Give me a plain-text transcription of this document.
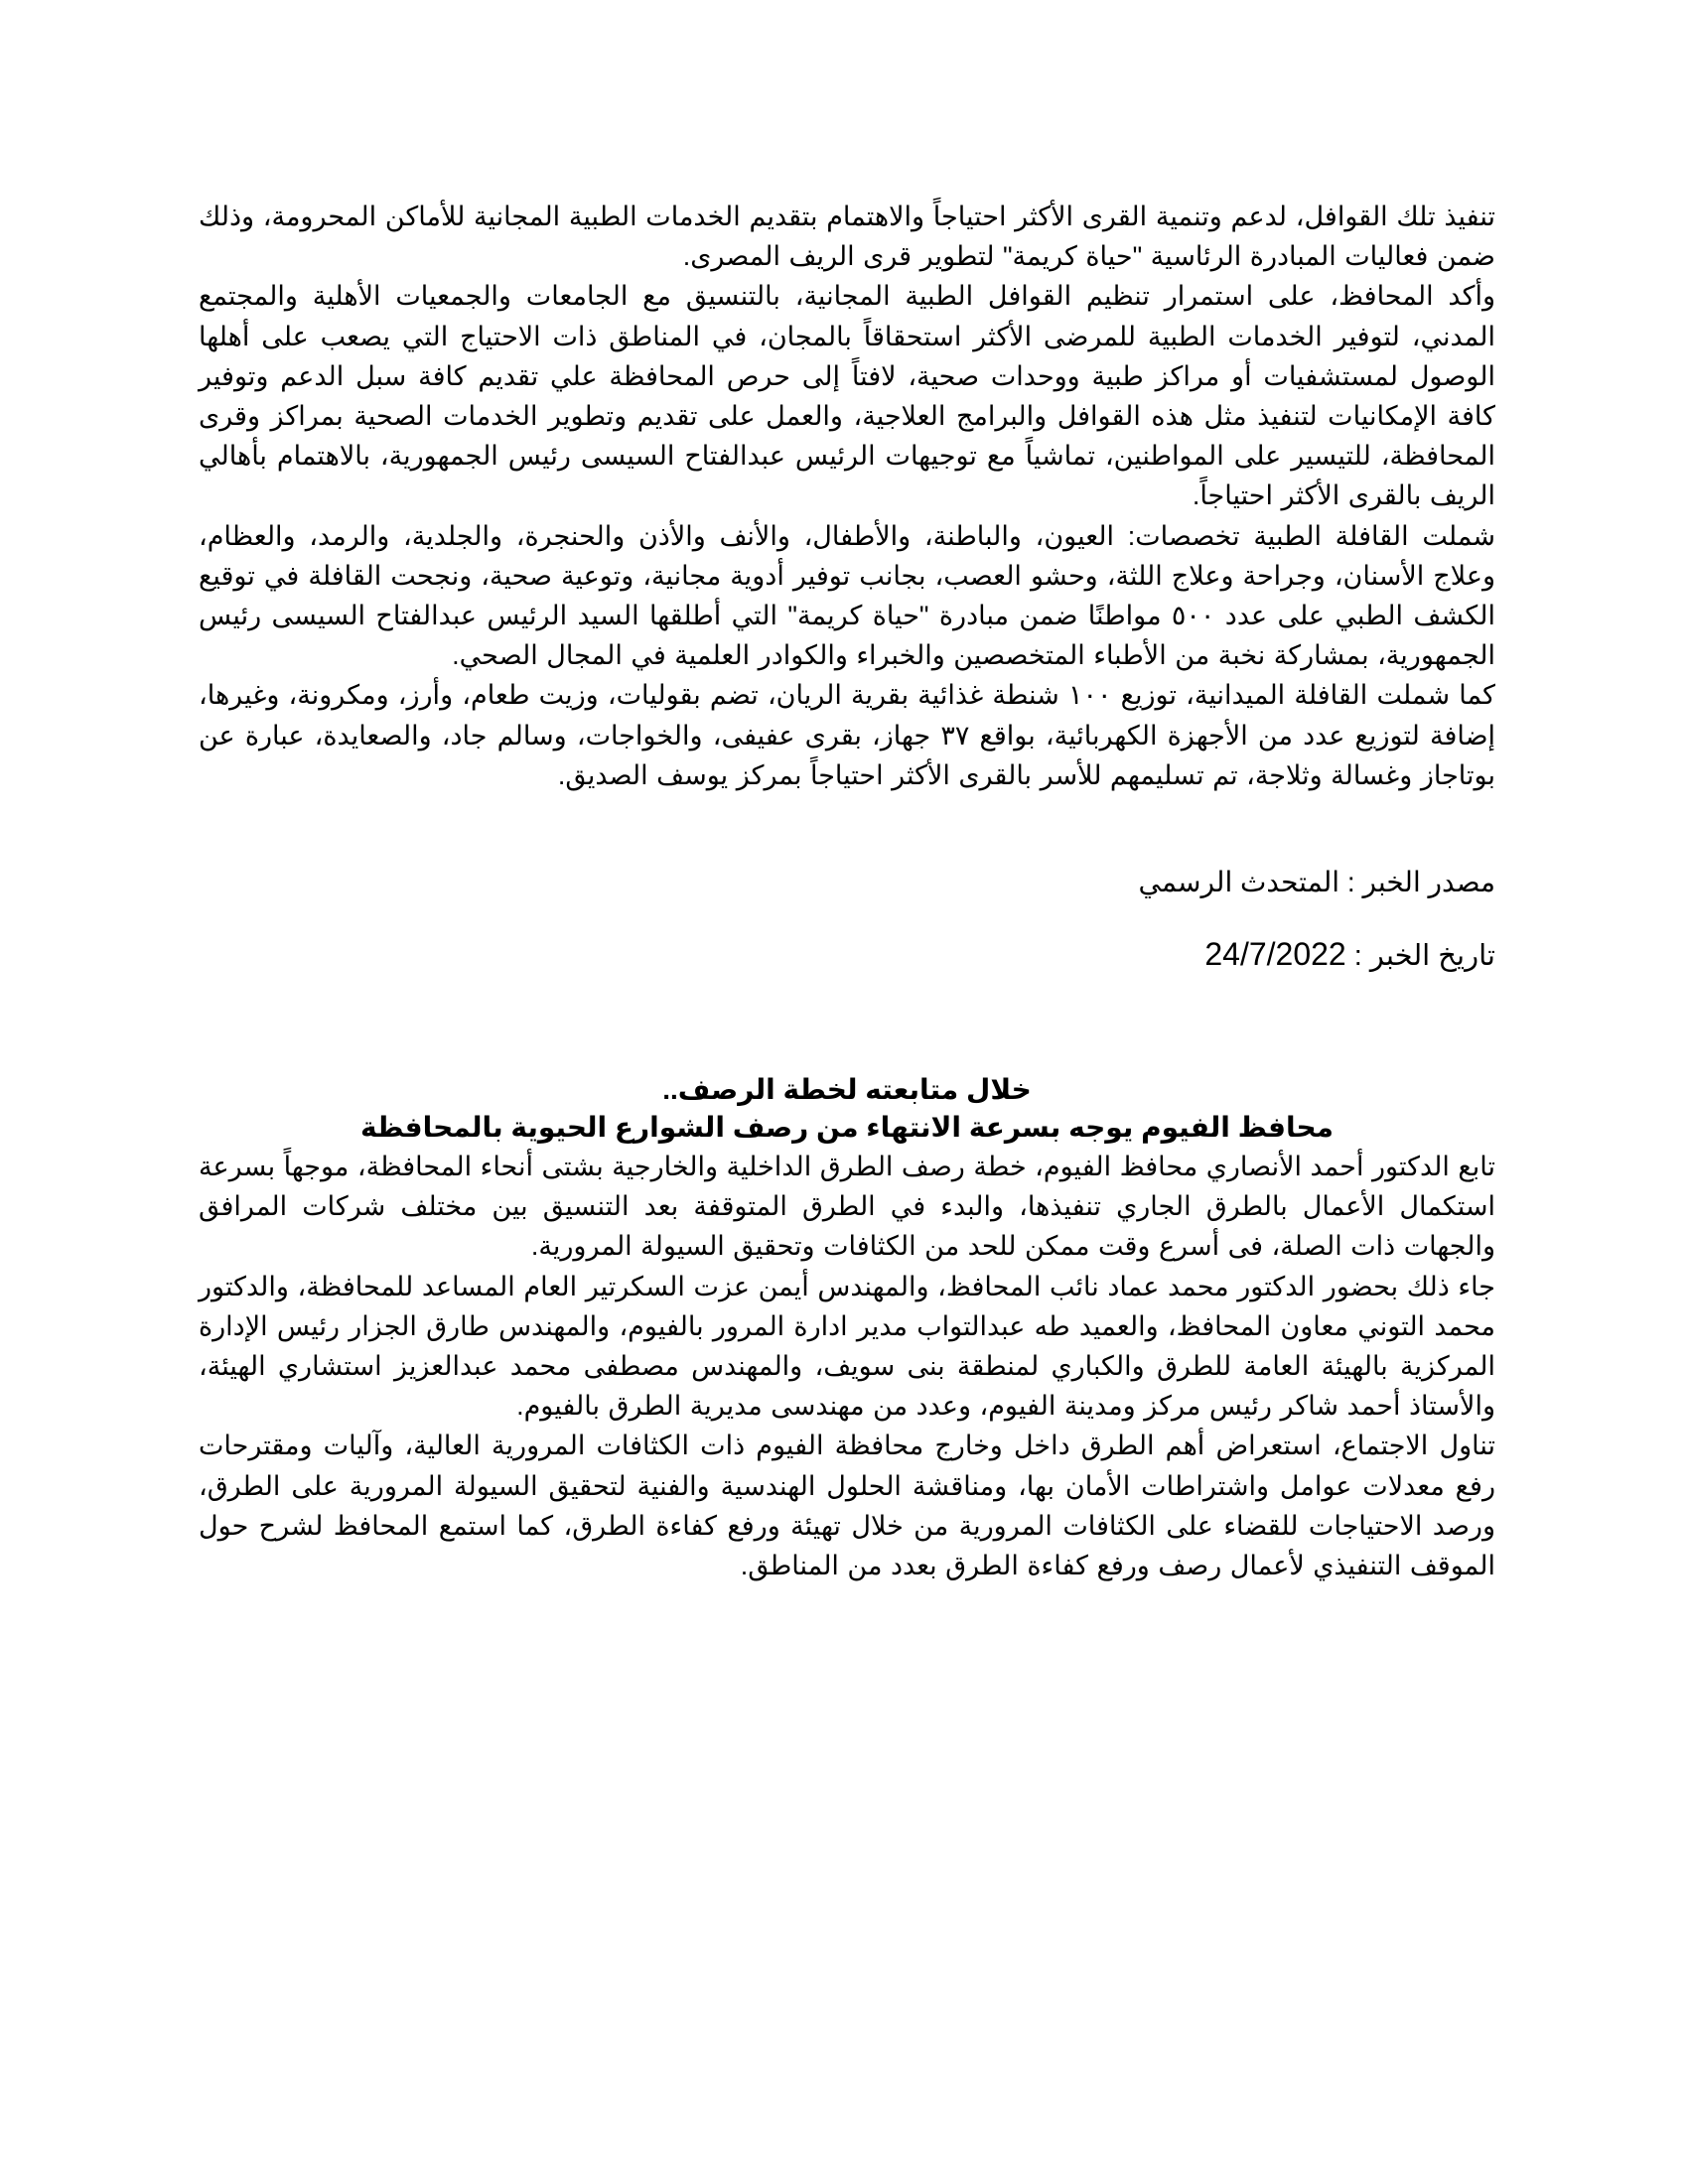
تنفيذ تلك القوافل، لدعم وتنمية القرى الأكثر احتياجاً والاهتمام بتقديم الخدمات الطبية المجانية للأماكن المحرومة، وذلك ضمن فعاليات المبادرة الرئاسية "حياة كريمة" لتطوير قرى الريف المصرى.

وأكد المحافظ، على استمرار تنظيم القوافل الطبية المجانية، بالتنسيق مع الجامعات والجمعيات الأهلية والمجتمع المدني، لتوفير الخدمات الطبية للمرضى الأكثر استحقاقاً بالمجان، في المناطق ذات الاحتياج التي يصعب على أهلها الوصول لمستشفيات أو مراكز طبية ووحدات صحية، لافتاً إلى حرص المحافظة علي تقديم كافة سبل الدعم وتوفير كافة الإمكانيات لتنفيذ مثل هذه القوافل والبرامج العلاجية، والعمل على تقديم وتطوير الخدمات الصحية بمراكز وقرى المحافظة، للتيسير على المواطنين، تماشياً مع توجيهات الرئيس عبدالفتاح السيسى رئيس الجمهورية، بالاهتمام بأهالي الريف بالقرى الأكثر احتياجاً.

شملت القافلة الطبية تخصصات: العيون، والباطنة، والأطفال، والأنف والأذن والحنجرة، والجلدية، والرمد، والعظام، وعلاج الأسنان، وجراحة وعلاج اللثة، وحشو العصب، بجانب توفير أدوية مجانية، وتوعية صحية، ونجحت القافلة في توقيع الكشف الطبي على عدد ٥٠٠ مواطنًا ضمن مبادرة "حياة كريمة" التي أطلقها السيد الرئيس عبدالفتاح السيسى رئيس الجمهورية، بمشاركة نخبة من الأطباء المتخصصين والخبراء والكوادر العلمية في المجال الصحي.

كما شملت القافلة الميدانية، توزيع ١٠٠ شنطة غذائية بقرية الريان، تضم بقوليات، وزيت طعام، وأرز، ومكرونة، وغيرها، إضافة لتوزيع عدد من الأجهزة الكهربائية، بواقع ٣٧ جهاز، بقرى عفيفى، والخواجات، وسالم جاد، والصعايدة، عبارة عن بوتاجاز وغسالة وثلاجة، تم تسليمهم للأسر بالقرى الأكثر احتياجاً بمركز يوسف الصديق.

مصدر الخبر : المتحدث الرسمي

تاريخ الخبر : 24/7/2022

خلال متابعته لخطة الرصف..

محافظ الفيوم يوجه بسرعة الانتهاء من رصف الشوارع الحيوية بالمحافظة

تابع الدكتور أحمد الأنصاري محافظ الفيوم، خطة رصف الطرق الداخلية والخارجية بشتى أنحاء المحافظة، موجهاً بسرعة استكمال الأعمال بالطرق الجاري تنفيذها، والبدء في الطرق المتوقفة بعد التنسيق بين مختلف شركات المرافق والجهات ذات الصلة، فى أسرع وقت ممكن للحد من الكثافات وتحقيق السيولة المرورية.

جاء ذلك بحضور الدكتور محمد عماد نائب المحافظ، والمهندس أيمن عزت السكرتير العام المساعد للمحافظة، والدكتور محمد التوني معاون المحافظ، والعميد طه عبدالتواب مدير ادارة المرور بالفيوم، والمهندس طارق الجزار رئيس الإدارة المركزية بالهيئة العامة للطرق والكباري لمنطقة بنى سويف، والمهندس مصطفى محمد عبدالعزيز استشاري الهيئة، والأستاذ أحمد شاكر رئيس مركز ومدينة الفيوم، وعدد من مهندسى مديرية الطرق بالفيوم.

تناول الاجتماع، استعراض أهم الطرق داخل وخارج محافظة الفيوم ذات الكثافات المرورية العالية، وآليات ومقترحات رفع معدلات عوامل واشتراطات الأمان بها، ومناقشة الحلول الهندسية والفنية لتحقيق السيولة المرورية على الطرق، ورصد الاحتياجات للقضاء على الكثافات المرورية من خلال تهيئة ورفع كفاءة الطرق، كما استمع المحافظ لشرح حول الموقف التنفيذي لأعمال رصف ورفع كفاءة الطرق بعدد من المناطق.
